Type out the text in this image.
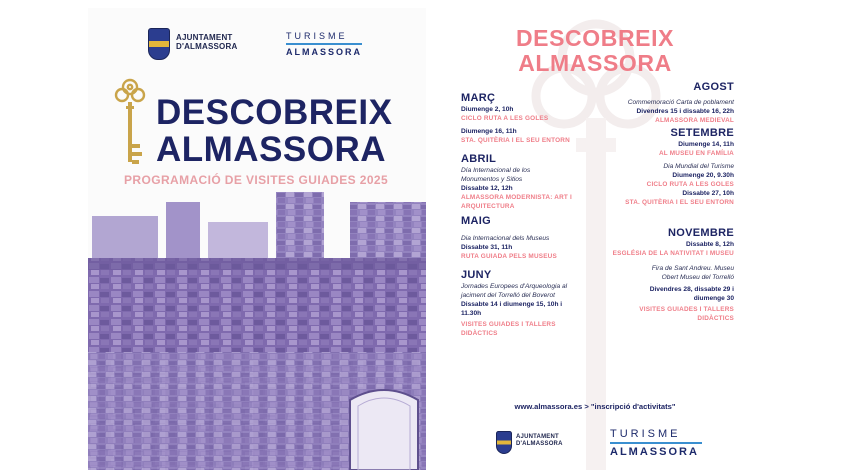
AJUNTAMENT
D'ALMASSORA
TURISME
ALMASSORA
DESCOBREIX
ALMASSORA
PROGRAMACIÓ DE VISITES GUIADES 2025
DESCOBREIX
ALMASSORA
MARÇ
Diumenge 2, 10h
CICLO RUTA A LES GOLES
Diumenge 16, 11h
STA. QUITÈRIA I EL SEU ENTORN
ABRIL
Día Internacional de los Monumentos y Sitios
Dissabte 12, 12h
ALMASSORA MODERNISTA: ART I ARQUITECTURA
MAIG
Dia Internacional dels Museus
Dissabte 31, 11h
RUTA GUIADA PELS MUSEUS
JUNY
Jornades Europees d'Arqueologia al jaciment del Torrelló del Boverot
Dissabte 14 i diumenge 15, 10h i 11.30h
VISITES GUIADES I TALLERS DIDÀCTICS
AGOST
Commemoració Carta de poblament
Divendres 15 i dissabte 16, 22h
ALMASSORA MEDIEVAL
SETEMBRE
Diumenge 14, 11h
AL MUSEU EN FAMÍLIA
Dia Mundial del Turisme
Diumenge 20, 9.30h
CICLO RUTA A LES GOLES
Dissabte 27, 10h
STA. QUITÈRIA I EL SEU ENTORN
NOVEMBRE
Dissabte 8, 12h
ESGLÉSIA DE LA NATIVITAT I MUSEU
Fira de Sant Andreu. Museu Obert Museu del Torrelló
Divendres 28, dissabte 29 i diumenge 30
VISITES GUIADES I TALLERS DIDÀCTICS
www.almassora.es > "inscripció d'activitats"
AJUNTAMENT
D'ALMASSORA
TURISME
ALMASSORA
